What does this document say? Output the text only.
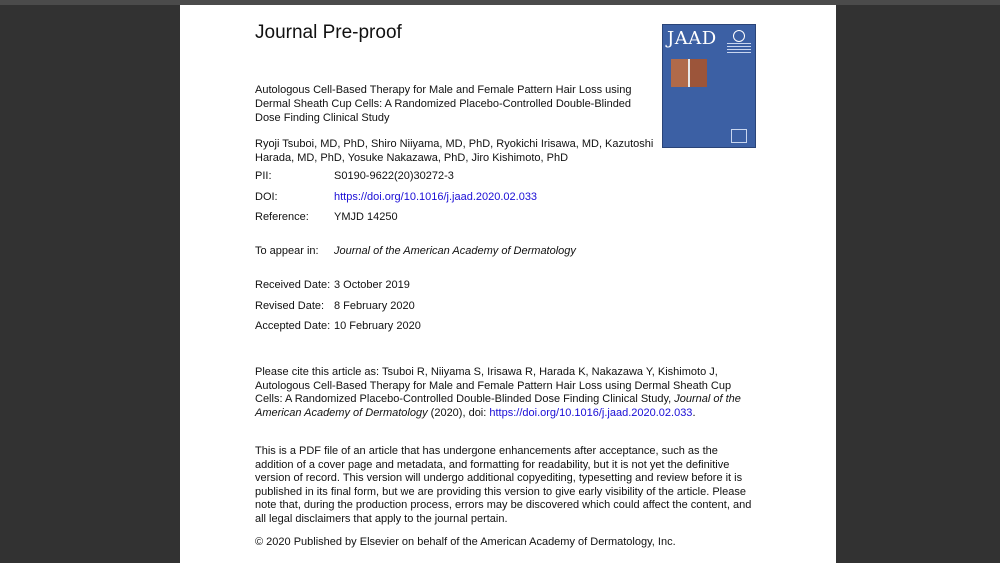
Journal Pre-proof	JAAD

Autologous Cell-Based Therapy for Male and Female Pattern Hair Loss using Dermal Sheath Cup Cells: A Randomized Placebo-Controlled Double-Blinded Dose Finding Clinical Study

Ryoji Tsuboi, MD, PhD, Shiro Niiyama, MD, PhD, Ryokichi Irisawa, MD, Kazutoshi Harada, MD, PhD, Yosuke Nakazawa, PhD, Jiro Kishimoto, PhD

PII:	S0190-9622(20)30272-3

DOI:	https://doi.org/10.1016/j.jaad.2020.02.033

Reference: YMJD 14250

To appear in: Journal of the American Academy of Dermatology

Received Date: 3 October 2019

Revised Date: 8 February 2020

Accepted Date: 10 February 2020

Please cite this article as: Tsuboi R, Niiyama S, Irisawa R, Harada K, Nakazawa Y, Kishimoto J, Autologous Cell-Based Therapy for Male and Female Pattern Hair Loss using Dermal Sheath Cup Cells: A Randomized Placebo-Controlled Double-Blinded Dose Finding Clinical Study, Journal of the American Academy of Dermatology (2020), doi: https://doi.org/10.1016/j.jaad.2020.02.033.

This is a PDF file of an article that has undergone enhancements after acceptance, such as the addition of a cover page and metadata, and formatting for readability, but it is not yet the definitive version of record. This version will undergo additional copyediting, typesetting and review before it is published in its final form, but we are providing this version to give early visibility of the article. Please note that, during the production process, errors may be discovered which could affect the content, and all legal disclaimers that apply to the journal pertain.

© 2020 Published by Elsevier on behalf of the American Academy of Dermatology, Inc.
